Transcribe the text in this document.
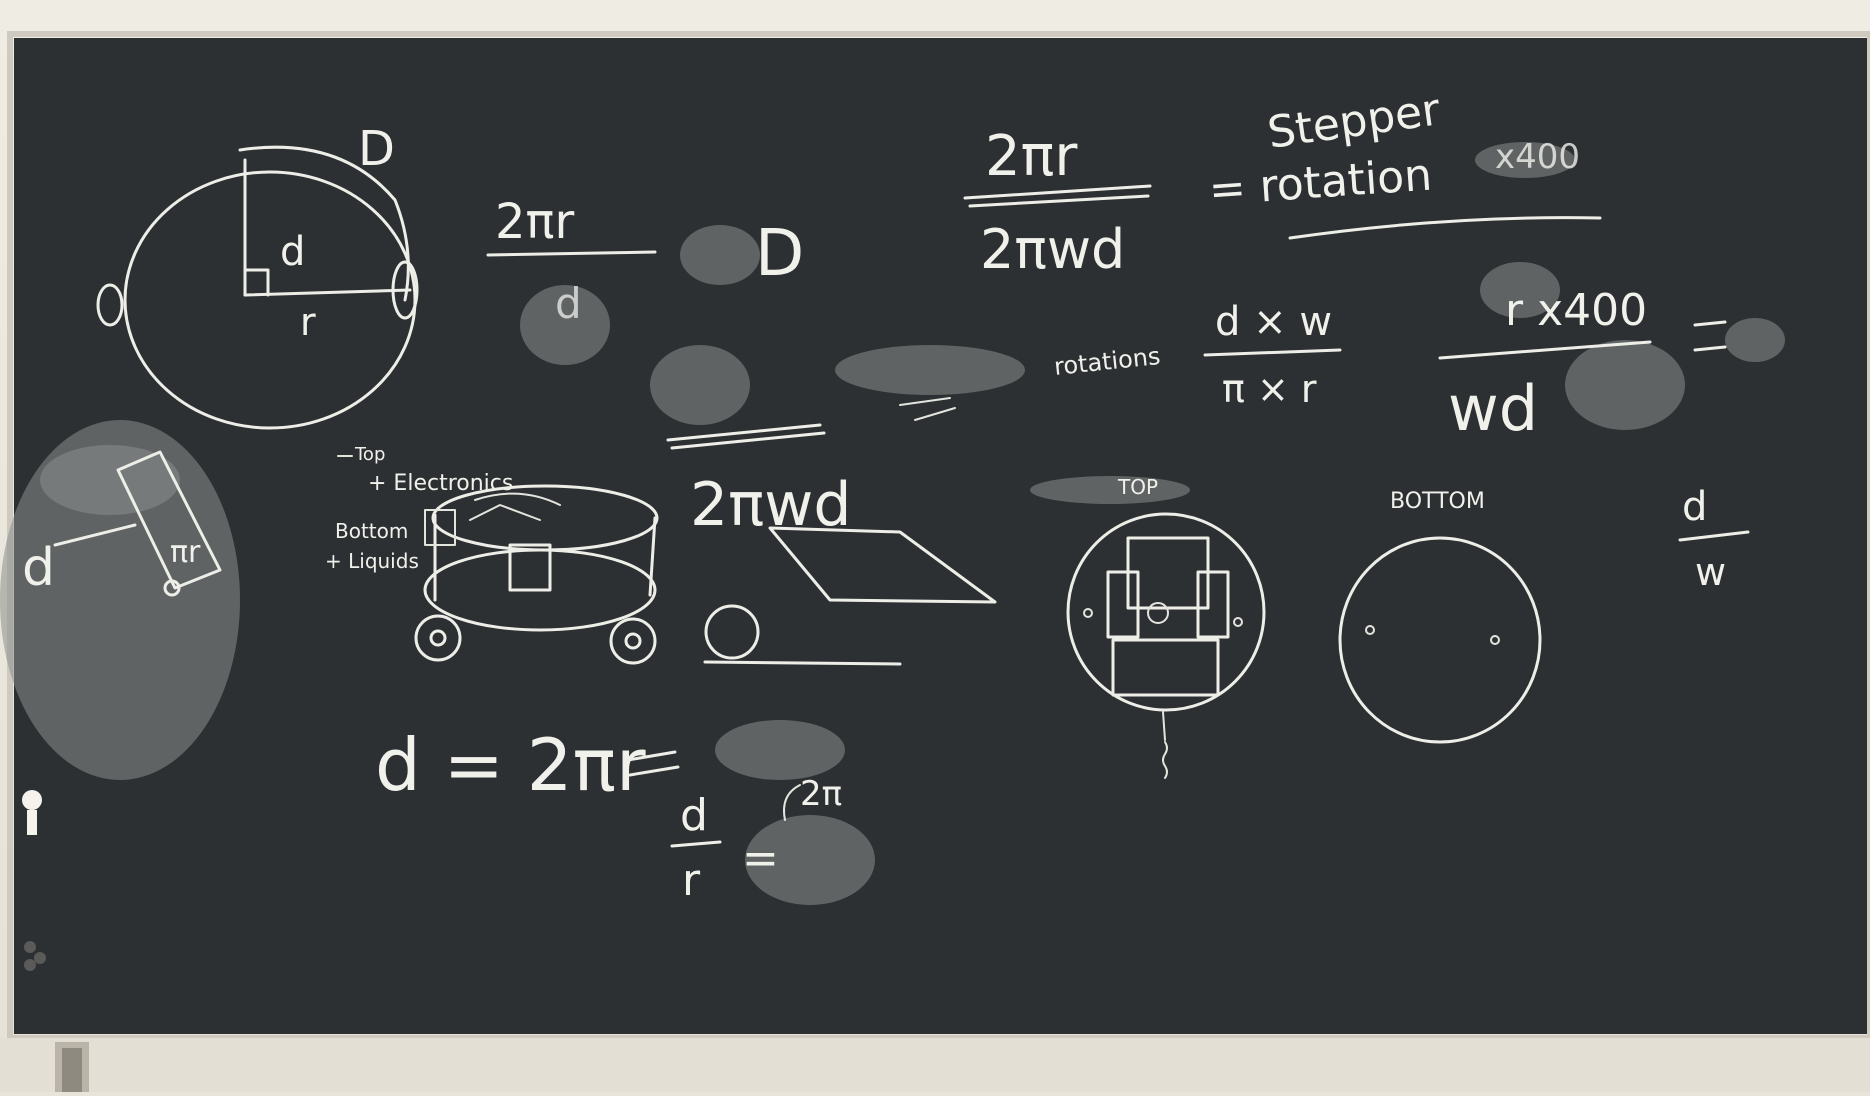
D
d
r
2πr
d
D
2πr
2πwd
Stepper
= rotation x400
2πwd
rotations
d × w
π × r
r x400
wd
d	πr
Top
+ Electronics
Bottom
+ Liquids
TOP
BOTTOM	d
w
d = 2πr
d
r =
2π
